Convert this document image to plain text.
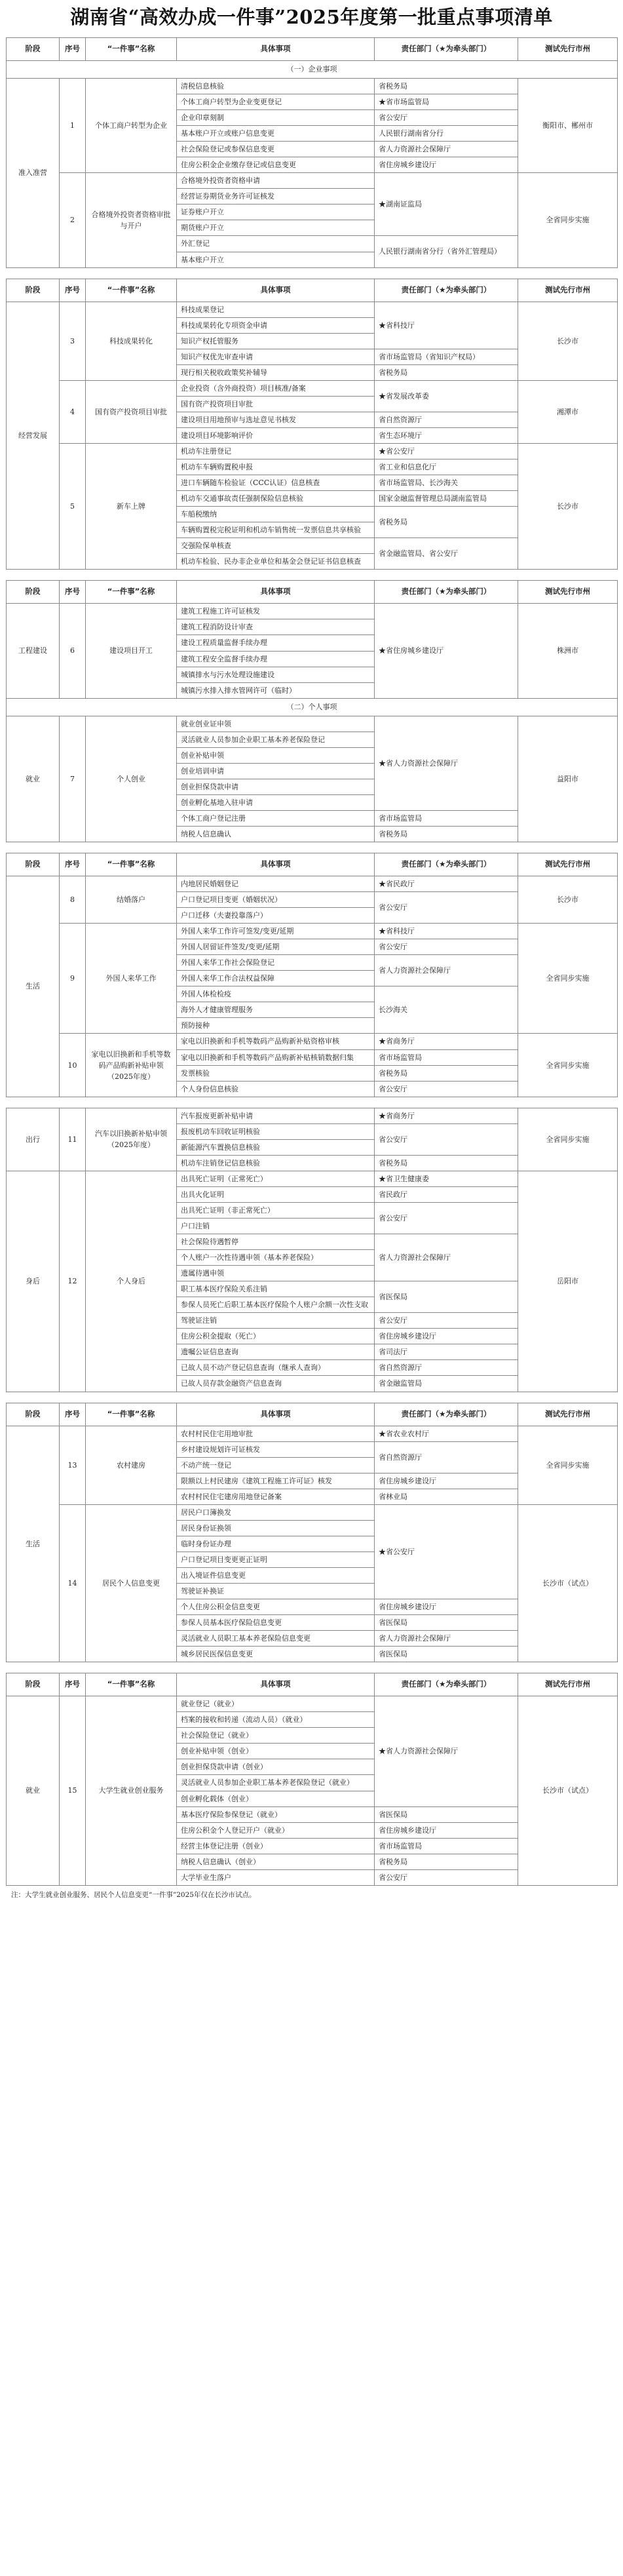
湖南省“高效办成一件事”2025年度第一批重点事项清单
阶段	序号	“一件事”名称	具体事项	责任部门（★为牵头部门）	测试先行市州
（一）企业事项					
准入准营	1	个体工商户转型为企业	清税信息核验	省税务局	衡阳市、郴州市
			个体工商户转型为企业变更登记	★省市场监管局	
			企业印章刻制	省公安厅	
			基本账户开立或账户信息变更	人民银行湖南省分行	
			社会保险登记或参保信息变更	省人力资源社会保障厅	
			住房公积金企业缴存登记或信息变更	省住房城乡建设厅	
	2	合格境外投资者资格审批与开户	合格境外投资者资格申请	★湖南证监局	全省同步实施
			经营证券期货业务许可证核发		
			证券账户开立		
			期货账户开立		
			外汇登记	人民银行湖南省分行（省外汇管理局）	
			基本账户开立		
阶段	序号	“一件事”名称	具体事项	责任部门（★为牵头部门）	测试先行市州
经营发展	3	科技成果转化	科技成果登记	★省科技厅	长沙市
			科技成果转化专项资金申请		
			知识产权托管服务		
			知识产权优先审查申请	省市场监管局（省知识产权局）	
			现行相关税收政策奖补辅导	省税务局	
	4	国有资产投资项目审批	企业投资（含外商投资）项目核准/备案	★省发展改革委	湘潭市
			国有资产投资项目审批		
			建设项目用地预审与选址意见书核发	省自然资源厅	
			建设项目环境影响评价	省生态环境厅	
	5	新车上牌	机动车注册登记	★省公安厅	长沙市
			机动车车辆购置税申报	省工业和信息化厅	
			进口车辆随车检验证（CCC认证）信息核查	省市场监管局、长沙海关	
			机动车交通事故责任强制保险信息核验	国家金融监督管理总局湖南监管局	
			车船税缴纳	省税务局	
			车辆购置税完税证明和机动车销售统一发票信息共享核验		
			交强险保单核查	省金融监管局、省公安厅	
			机动车检验、民办非企业单位和基金会登记证书信息核查		
阶段	序号	“一件事”名称	具体事项	责任部门（★为牵头部门）	测试先行市州
工程建设	6	建设项目开工	建筑工程施工许可证核发	★省住房城乡建设厅	株洲市
			建筑工程消防设计审查		
			建设工程质量监督手续办理		
			建筑工程安全监督手续办理		
			城镇排水与污水处理设施建设		
			城镇污水排入排水管网许可（临时）		
（二）个人事项					
就业	7	个人创业	就业创业证申领	★省人力资源社会保障厅	益阳市
			灵活就业人员参加企业职工基本养老保险登记		
			创业补贴申领		
			创业培训申请		
			创业担保贷款申请		
			创业孵化基地入驻申请		
			个体工商户登记注册	省市场监管局	
			纳税人信息确认	省税务局	
阶段	序号	“一件事”名称	具体事项	责任部门（★为牵头部门）	测试先行市州
生活	8	结婚落户	内地居民婚姻登记	★省民政厅	长沙市
			户口登记项目变更（婚姻状况）	省公安厅	
			户口迁移（夫妻投靠落户）		
	9	外国人来华工作	外国人来华工作许可签发/变更/延期	★省科技厅	全省同步实施
			外国人居留证件签发/变更/延期	省公安厅	
			外国人来华工作社会保险登记	省人力资源社会保障厅	
			外国人来华工作合法权益保障		
			外国人体检检疫	长沙海关	
			海外人才健康管理服务		
			预防接种		
	10	家电以旧换新和手机等数码产品购新补贴申领（2025年度）	家电以旧换新和手机等数码产品购新补贴资格审核	★省商务厅	全省同步实施
			家电以旧换新和手机等数码产品购新补贴核销数据归集	省市场监管局	
			发票核验	省税务局	
			个人身份信息核验	省公安厅	
出行	11	汽车以旧换新补贴申领（2025年度）	汽车报废更新补贴申请	★省商务厅	全省同步实施
			报废机动车回收证明核验	省公安厅	
			新能源汽车置换信息核验		
			机动车注销登记信息核验	省税务局	
身后	12	个人身后	出具死亡证明（正常死亡）	★省卫生健康委	岳阳市
			出具火化证明	省民政厅	
			出具死亡证明（非正常死亡）	省公安厅	
			户口注销		
			社会保险待遇暂停	省人力资源社会保障厅	
			个人账户一次性待遇申领（基本养老保险）		
			遗属待遇申领		
			职工基本医疗保险关系注销	省医保局	
			参保人员死亡后职工基本医疗保险个人账户余额一次性支取		
			驾驶证注销	省公安厅	
			住房公积金提取（死亡）	省住房城乡建设厅	
			遗嘱公证信息查询	省司法厅	
			已故人员不动产登记信息查询（继承人查询）	省自然资源厅	
			已故人员存款金融资产信息查询	省金融监管局	
阶段	序号	“一件事”名称	具体事项	责任部门（★为牵头部门）	测试先行市州
生活	13	农村建房	农村村民住宅用地审批	★省农业农村厅	全省同步实施
			乡村建设规划许可证核发	省自然资源厅	
			不动产统一登记		
			限额以上村民建房《建筑工程施工许可证》核发	省住房城乡建设厅	
			农村村民住宅建房用地登记备案	省林业局	
	14	居民个人信息变更	居民户口簿换发	★省公安厅	长沙市（试点）
			居民身份证换领		
			临时身份证办理		
			户口登记项目变更更正证明		
			出入境证件信息变更		
			驾驶证补换证		
			个人住房公积金信息变更	省住房城乡建设厅	
			参保人员基本医疗保险信息变更	省医保局	
			灵活就业人员职工基本养老保险信息变更	省人力资源社会保障厅	
			城乡居民医保信息变更	省医保局	
阶段	序号	“一件事”名称	具体事项	责任部门（★为牵头部门）	测试先行市州
就业	15	大学生就业创业服务	就业登记（就业）	★省人力资源社会保障厅	长沙市（试点）
			档案的接收和转递（流动人员）（就业）		
			社会保险登记（就业）		
			创业补贴申领（创业）		
			创业担保贷款申请（创业）		
			灵活就业人员参加企业职工基本养老保险登记（就业）		
			创业孵化载体（创业）		
			基本医疗保险参保登记（就业）	省医保局	
			住房公积金个人登记开户（就业）	省住房城乡建设厅	
			经营主体登记注册（创业）	省市场监管局	
			纳税人信息确认（创业）	省税务局	
			大学毕业生落户	省公安厅	
注：大学生就业创业服务、居民个人信息变更“一件事”2025年仅在长沙市试点。
